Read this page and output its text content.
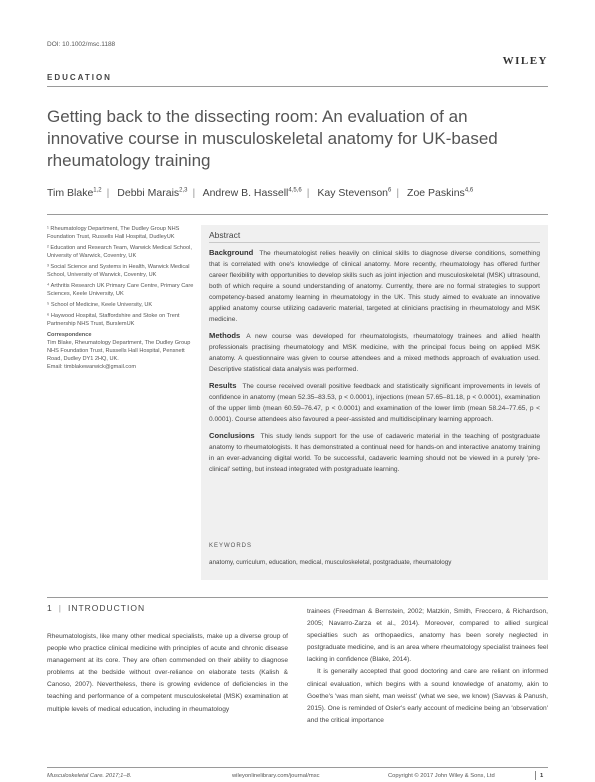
DOI: 10.1002/msc.1188
WILEY
EDUCATION
Getting back to the dissecting room: An evaluation of an innovative course in musculoskeletal anatomy for UK-based rheumatology training
Tim Blake$^{1,2}$ | Debbi Marais$^{2,3}$ | Andrew B. Hassell$^{4,5,6}$ | Kay Stevenson$^6$ | Zoe Paskins$^{4,6}$
¹ Rheumatology Department, The Dudley Group NHS Foundation Trust, Russells Hall Hospital, DudleyUK
² Education and Research Team, Warwick Medical School, University of Warwick, Coventry, UK
³ Social Science and Systems in Health, Warwick Medical School, University of Warwick, Coventry, UK
⁴ Arthritis Research UK Primary Care Centre, Primary Care Sciences, Keele University, UK
⁵ School of Medicine, Keele University, UK
⁶ Haywood Hospital, Staffordshire and Stoke on Trent Partnership NHS Trust, BurslemUK
Correspondence
Tim Blake, Rheumatology Department, The Dudley Group NHS Foundation Trust, Russells Hall Hospital, Pensnett Road, Dudley DY1 2HQ, UK.
Email: timblakewarwick@gmail.com
Abstract

Background The rheumatologist relies heavily on clinical skills to diagnose diverse conditions, something that is correlated with one's knowledge of clinical anatomy. More recently, rheumatology has offered further career flexibility with opportunities to develop skills such as joint injection and musculoskeletal (MSK) ultrasound, both of which require a sound understanding of anatomy. Currently, there are no formal strategies to support competency-based anatomy learning in rheumatology in the UK. This study aimed to evaluate an innovative applied anatomy course utilizing cadaveric material, targeted at clinicians practising in rheumatology and MSK medicine.

Methods A new course was developed for rheumatologists, rheumatology trainees and allied health professionals practising rheumatology and MSK medicine, with the principal focus being on applied MSK anatomy. A questionnaire was given to course attendees and a mixed methods approach of evaluation used. Descriptive statistical data analysis was performed.

Results The course received overall positive feedback and statistically significant improvements in levels of confidence in anatomy (mean 52.35–83.53, p < 0.0001), injections (mean 57.65–81.18, p < 0.0001), examination of the upper limb (mean 60.59–76.47, p < 0.0001) and examination of the lower limb (mean 58.24–77.65, p < 0.0001). Course attendees also favoured a peer-assisted and multidisciplinary learning approach.

Conclusions This study lends support for the use of cadaveric material in the teaching of postgraduate anatomy to rheumatologists. It has demonstrated a continual need for hands-on and interactive anatomy training in an ever-advancing digital world. To be successful, cadaveric learning should not be viewed in a purely 'pre-clinical' setting, but instead integrated with postgraduate learning.

KEYWORDS
anatomy, curriculum, education, medical, musculoskeletal, postgraduate, rheumatology
1 | INTRODUCTION

Rheumatologists, like many other medical specialists, make up a diverse group of people who practice clinical medicine with principles of acute and chronic disease management at its core. They are often commended on their ability to diagnose problems at the bedside without over-reliance on elaborate tests (Kalish & Canoso, 2007). Nevertheless, there is growing evidence of deficiencies in the teaching and performance of a competent musculoskeletal (MSK) examination at multiple levels of medical education, including in rheumatology

trainees (Freedman & Bernstein, 2002; Matzkin, Smith, Freccero, & Richardson, 2005; Navarro-Zarza et al., 2014). Moreover, compared to allied surgical specialties such as orthopaedics, anatomy has been sorely neglected in postgraduate medicine, and is an area where rheumatology specialist trainees feel lacking in confidence (Blake, 2014).

It is generally accepted that good doctoring and care are reliant on informed clinical evaluation, which begins with a sound knowledge of anatomy, akin to Goethe's 'was man sieht, man weisst' (what we see, we know) (Savvas & Panush, 2015). One is reminded of Osler's early account of medicine being an 'observation' and the critical importance

Musculoskeletal Care. 2017;1–8.	wileyonlinelibrary.com/journal/msc	Copyright © 2017 John Wiley & Sons, Ltd	1
